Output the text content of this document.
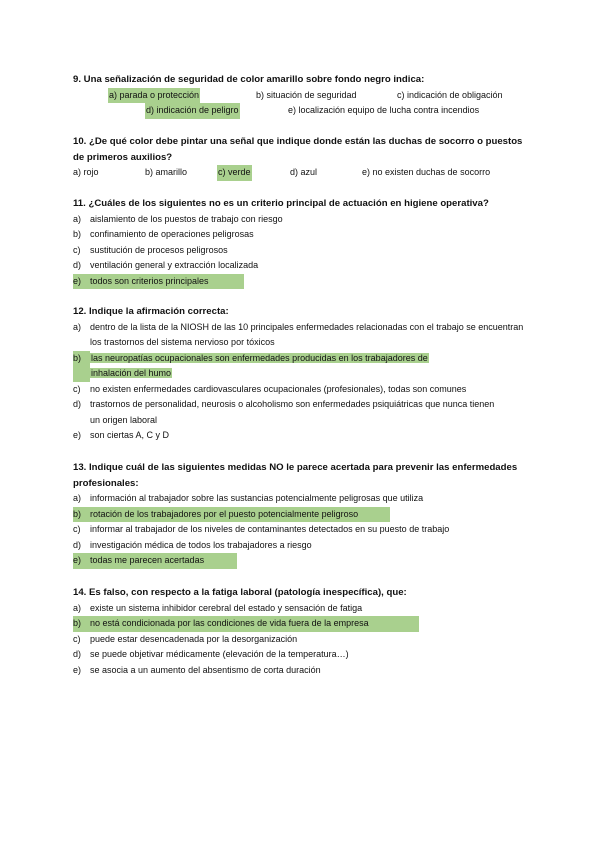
9. Una señalización de seguridad de color amarillo sobre fondo negro indica:

a) parada o protección	b) situación de seguridad	c) indicación de obligación
d) indicación de peligro	e) localización equipo de lucha contra incendios

10. ¿De qué color debe pintar una señal que indique donde están las duchas de socorro o puestos de primeros auxilios?

a) rojo	b) amarillo	c) verde	d) azul	e) no existen duchas de socorro

11. ¿Cuáles de los siguientes no es un criterio principal de actuación en higiene operativa?

a) aislamiento de los puestos de trabajo con riesgo
b) confinamiento de operaciones peligrosas
c)	sustitución de procesos peligrosos
d) ventilación general y extracción localizada
e) todos son criterios principales

12. Indique la afirmación correcta:

a) dentro de la lista de la NIOSH de las 10 principales enfermedades relacionadas con el trabajo se encuentran los trastornos del sistema nervioso por tóxicos
b)	las neuropatías ocupacionales son enfermedades producidas en los trabajadores de inhalación del humo
c)	no existen enfermedades cardiovasculares ocupacionales (profesionales), todas son comunes
d) trastornos de personalidad, neurosis o alcoholismo son enfermedades psiquiátricas que nunca tienen un origen laboral
e) son ciertas A, C y D

13. Indique cuál de las siguientes medidas NO le parece acertada para prevenir las enfermedades profesionales:

a) información al trabajador sobre las sustancias potencialmente peligrosas que utiliza
b) rotación de los trabajadores por el puesto potencialmente peligroso
c)	informar al trabajador de los niveles de contaminantes detectados en su puesto de trabajo
d) investigación médica de todos los trabajadores a riesgo
e) todas me parecen acertadas

14. Es falso, con respecto a la fatiga laboral (patología inespecífica), que:

a) existe un sistema inhibidor cerebral del estado y sensación de fatiga
b) no está condicionada por las condiciones de vida fuera de la empresa
c)	puede estar desencadenada por la desorganización
d) se puede objetivar médicamente (elevación de la temperatura…)
e) se asocia a un aumento del absentismo de corta duración
